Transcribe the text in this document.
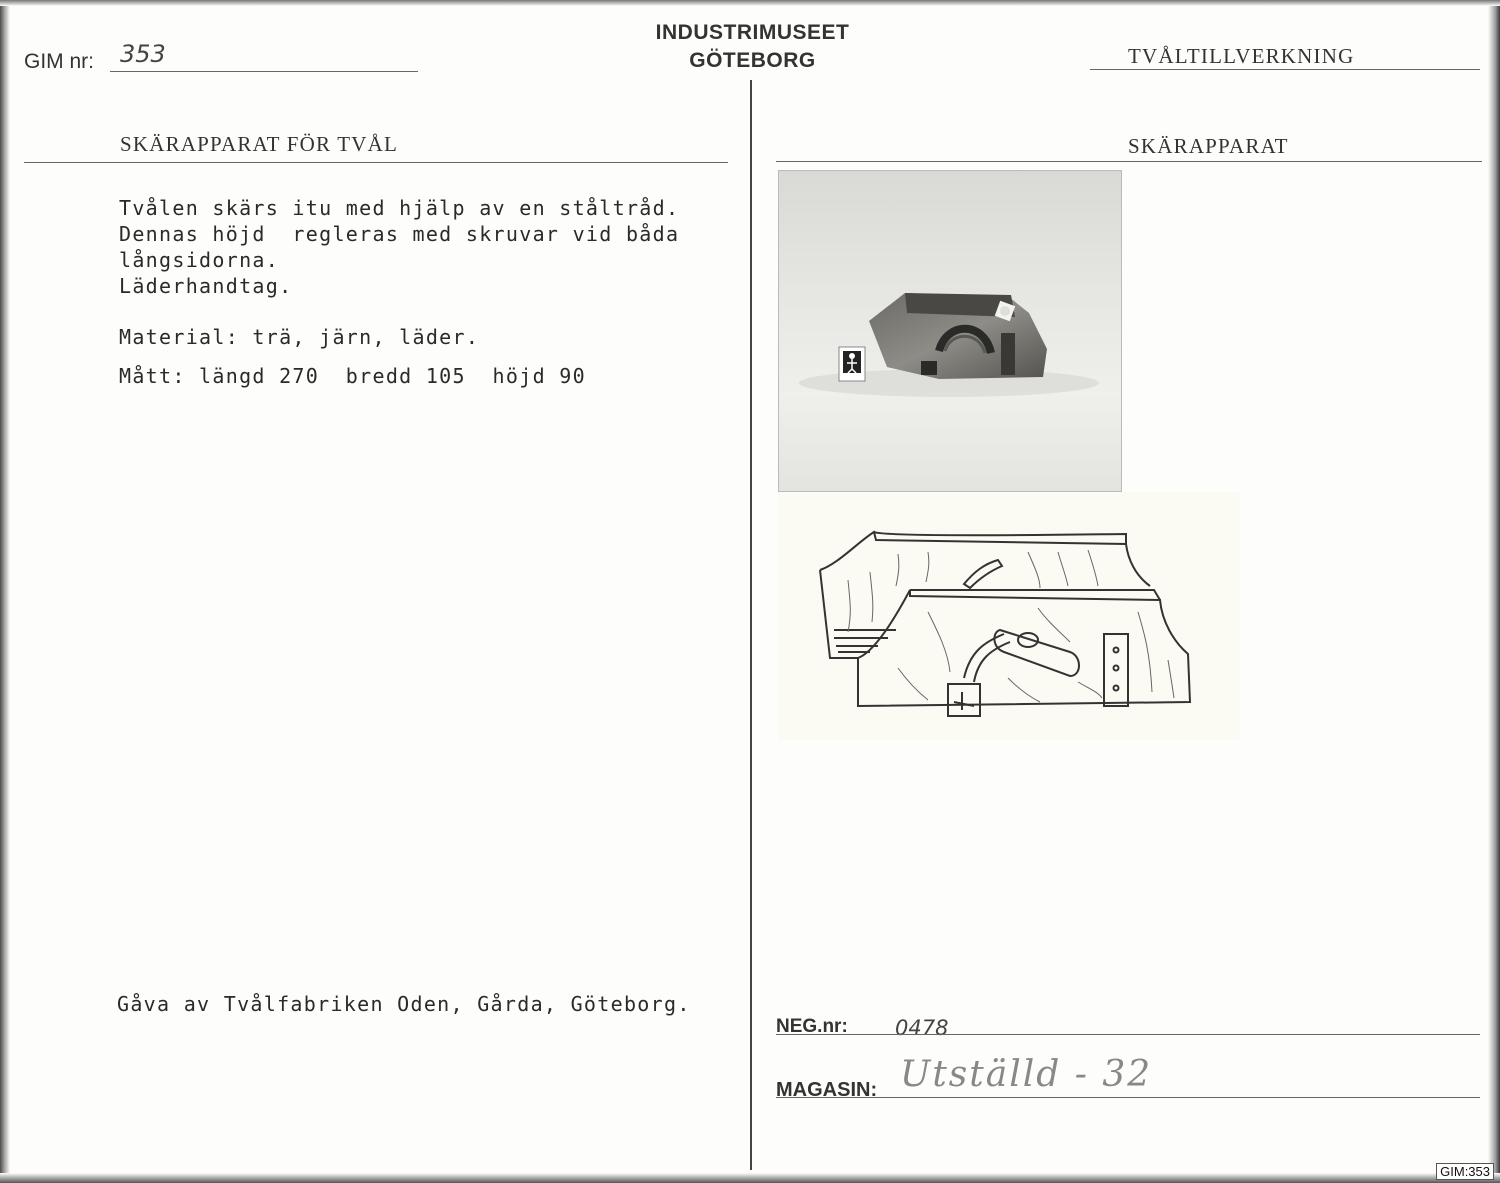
GIM nr: 353
INDUSTRIMUSEET
GÖTEBORG	TVÅLTILLVERKNING
SKÄRAPPARAT FÖR TVÅL	SKÄRAPPARAT
Tvålen skärs itu med hjälp av en ståltråd.
Dennas höjd  regleras med skruvar vid båda
långsidorna.
Läderhandtag.
Material: trä, järn, läder.
Mått: längd 270  bredd 105  höjd 90
Gåva av Tvålfabriken Oden, Gårda, Göteborg.
NEG.nr: 0478
MAGASIN: Utställd - 32
GIM:353
